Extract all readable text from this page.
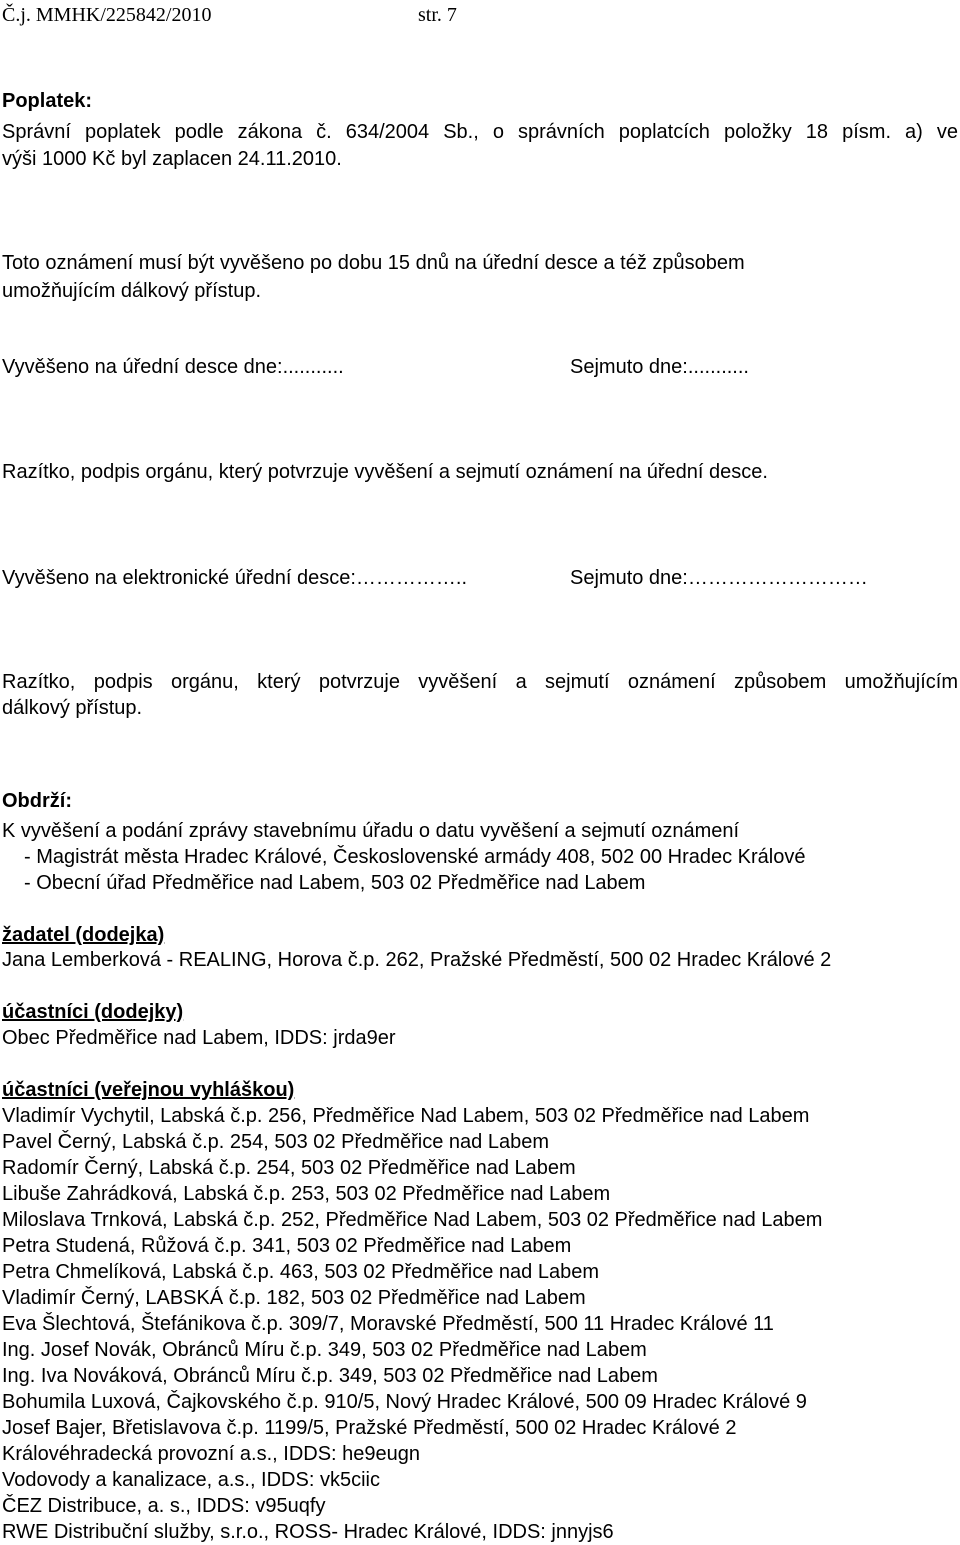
Č.j. MMHK/225842/2010	str. 7
Poplatek:
Správní poplatek podle zákona č. 634/2004 Sb., o správních poplatcích položky 18 písm. a) ve
výši 1000 Kč byl zaplacen 24.11.2010.
Toto oznámení musí být vyvěšeno po dobu 15 dnů na úřední desce a též způsobem
umožňujícím dálkový přístup.
Vyvěšeno na úřední desce dne:...........	Sejmuto dne:...........
Razítko, podpis orgánu, který potvrzuje vyvěšení a sejmutí oznámení na úřední desce.
Vyvěšeno na elektronické úřední desce:……………..	Sejmuto dne:………………………
Razítko, podpis orgánu, který potvrzuje vyvěšení a sejmutí oznámení způsobem umožňujícím
dálkový přístup.
Obdrží:
K vyvěšení a podání zprávy stavebnímu úřadu o datu vyvěšení a sejmutí oznámení
- Magistrát města Hradec Králové, Československé armády 408, 502 00 Hradec Králové
- Obecní úřad Předměřice nad Labem, 503 02 Předměřice nad Labem
žadatel (dodejka)
Jana Lemberková - REALING, Horova č.p. 262, Pražské Předměstí, 500 02 Hradec Králové 2
účastníci (dodejky)
Obec Předměřice nad Labem, IDDS: jrda9er
účastníci (veřejnou vyhláškou)
Vladimír Vychytil, Labská č.p. 256, Předměřice Nad Labem, 503 02 Předměřice nad Labem
Pavel Černý, Labská č.p. 254, 503 02 Předměřice nad Labem
Radomír Černý, Labská č.p. 254, 503 02 Předměřice nad Labem
Libuše Zahrádková, Labská č.p. 253, 503 02 Předměřice nad Labem
Miloslava Trnková, Labská č.p. 252, Předměřice Nad Labem, 503 02 Předměřice nad Labem
Petra Studená, Růžová č.p. 341, 503 02 Předměřice nad Labem
Petra Chmelíková, Labská č.p. 463, 503 02 Předměřice nad Labem
Vladimír Černý, LABSKÁ č.p. 182, 503 02 Předměřice nad Labem
Eva Šlechtová, Štefánikova č.p. 309/7, Moravské Předměstí, 500 11 Hradec Králové 11
Ing. Josef Novák, Obránců Míru č.p. 349, 503 02 Předměřice nad Labem
Ing. Iva Nováková, Obránců Míru č.p. 349, 503 02 Předměřice nad Labem
Bohumila Luxová, Čajkovského č.p. 910/5, Nový Hradec Králové, 500 09 Hradec Králové 9
Josef Bajer, Břetislavova č.p. 1199/5, Pražské Předměstí, 500 02 Hradec Králové 2
Královéhradecká provozní a.s., IDDS: he9eugn
Vodovody a kanalizace, a.s., IDDS: vk5ciic
ČEZ Distribuce, a. s., IDDS: v95uqfy
RWE Distribuční služby, s.r.o., ROSS- Hradec Králové, IDDS: jnnyjs6
